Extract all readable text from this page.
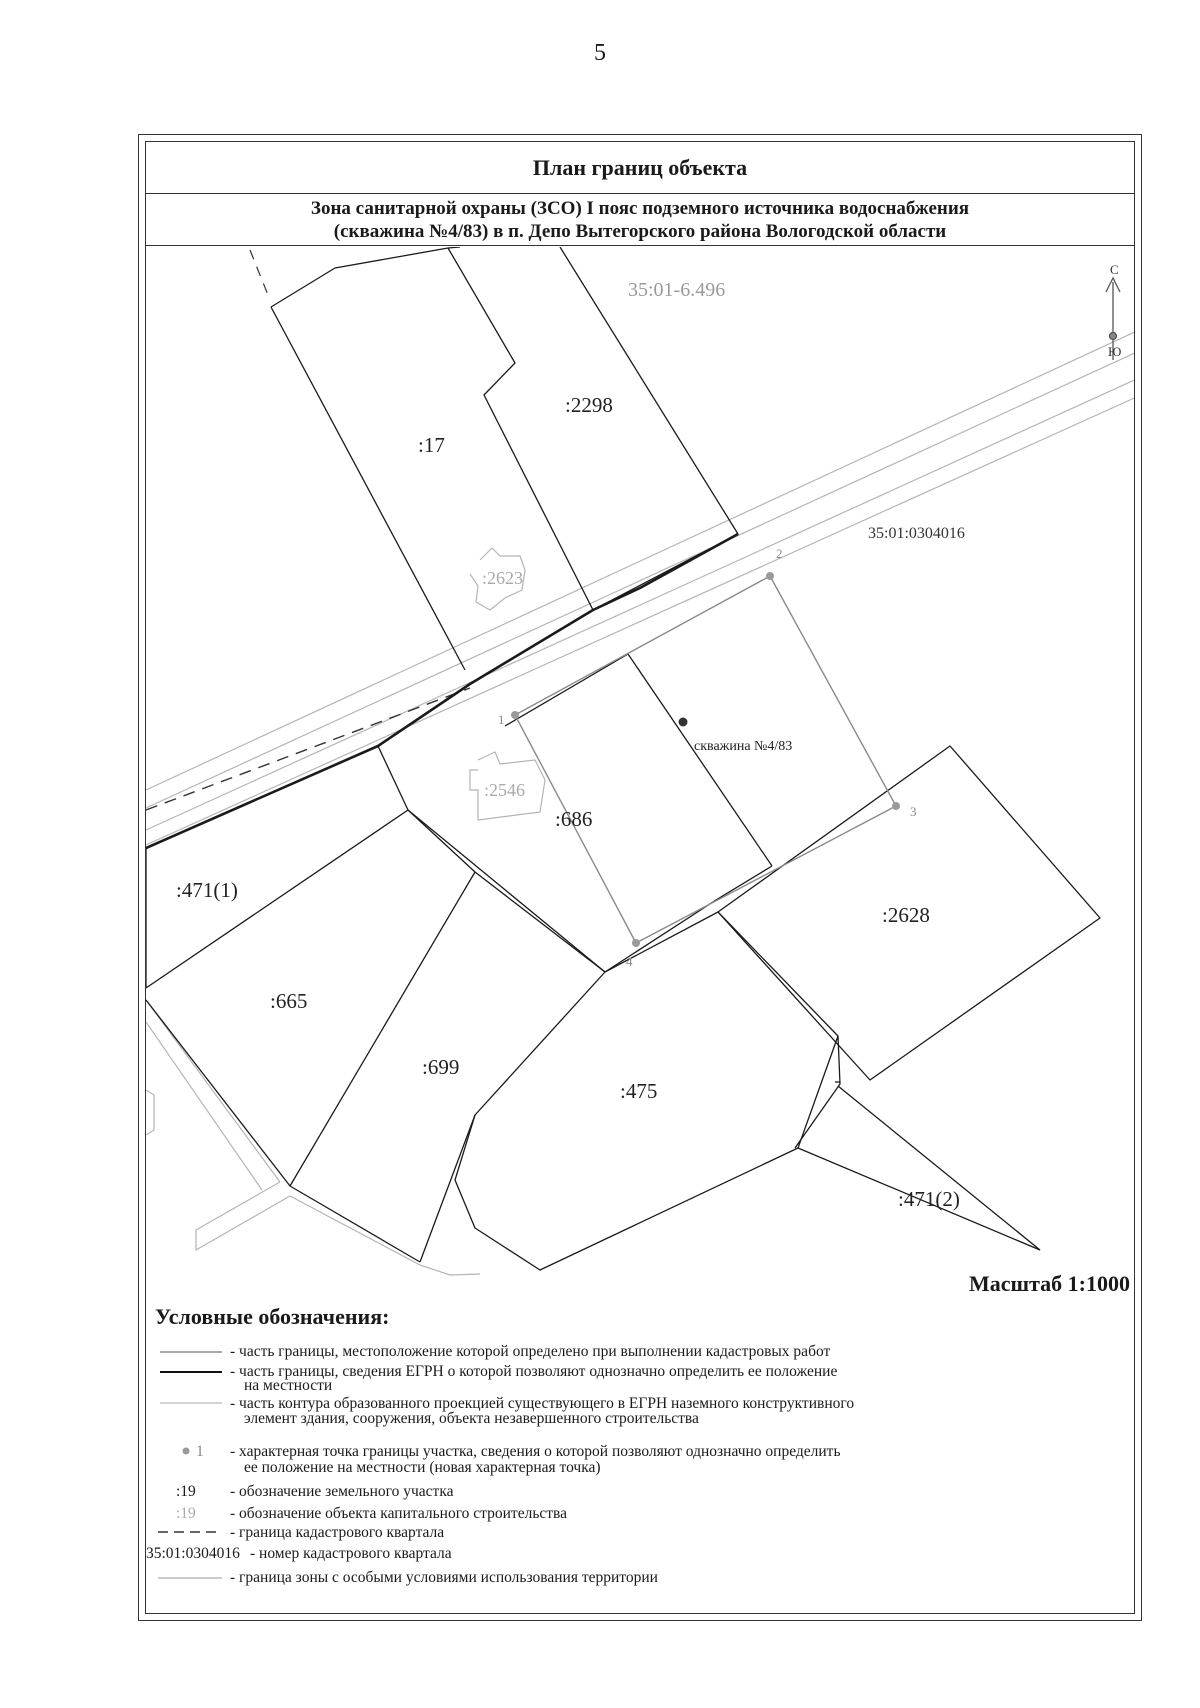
5
План границ объекта
Зона санитарной охраны (ЗСО) I пояс подземного источника водоснабжения
(скважина №4/83) в п. Депо Вытегорского района Вологодской области
С
Ю
35:01-6.496
35:01:0304016
:17
:2298
:2623
:2546
:686
:471(1)
:665
:699
:475
:2628
:471(2)
1
2
3
4
скважина №4/83
Масштаб 1:1000
Условные обозначения:
- часть границы, местоположение которой определено при выполнении кадастровых работ
- часть границы, сведения ЕГРН о которой позволяют однозначно определить ее положение
на местности
- часть контура образованного проекцией существующего в ЕГРН наземного конструктивного
элемент здания, сооружения, объекта незавершенного строительства
1 - характерная точка границы участка, сведения о которой позволяют однозначно определить
ее положение на местности (новая характерная точка)
:19 - обозначение земельного участка
:19 - обозначение объекта капитального строительства
- граница кадастрового квартала
35:01:0304016 - номер кадастрового квартала
- граница зоны с особыми условиями использования территории
